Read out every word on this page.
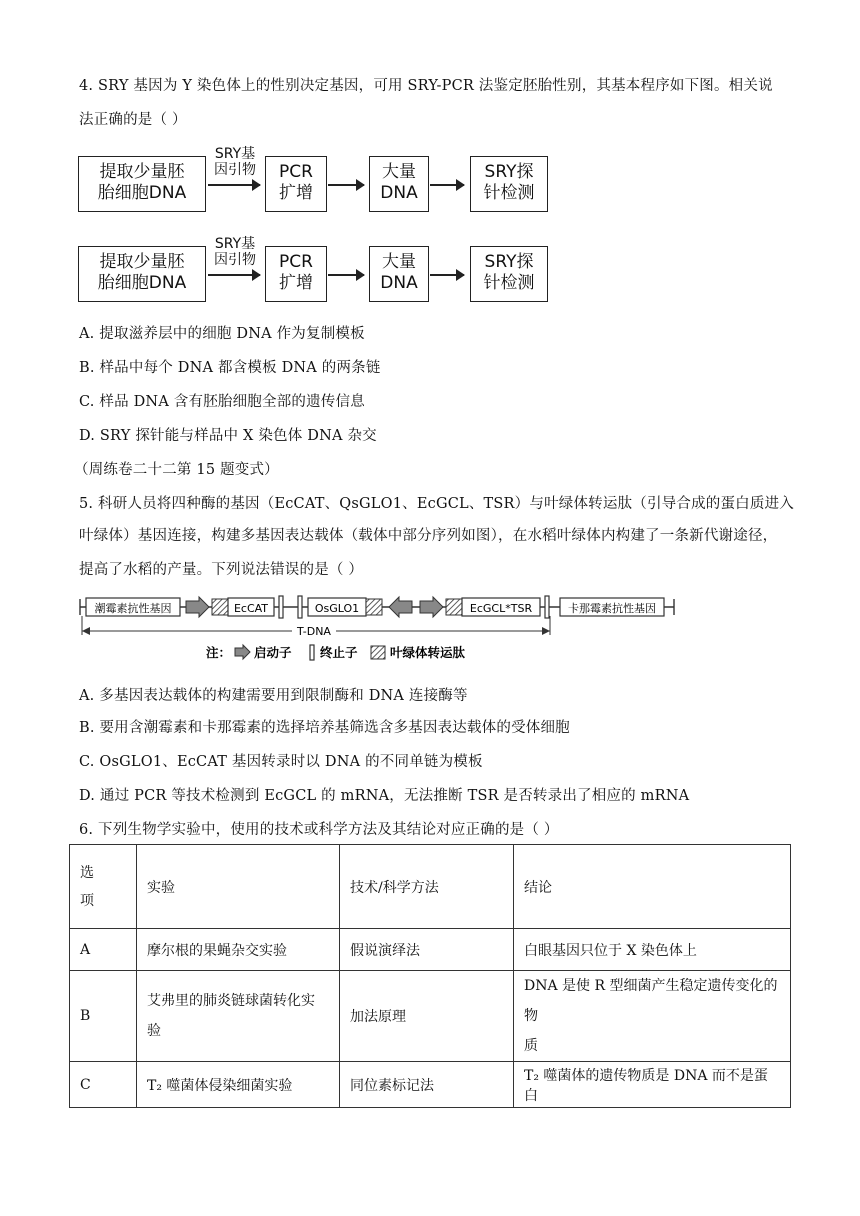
4. SRY 基因为 Y 染色体上的性别决定基因，可用 SRY-PCR 法鉴定胚胎性别，其基本程序如下图。相关说
法正确的是（ ）
提取少量胚
胎细胞DNA
SRY基
因引物	PCR
扩增
大量
DNA
SRY探
针检测
提取少量胚
胎细胞DNA
SRY基
因引物	PCR
扩增
大量
DNA
SRY探
针检测
A. 提取滋养层中的细胞 DNA 作为复制模板
B. 样品中每个 DNA 都含模板 DNA 的两条链
C. 样品 DNA 含有胚胎细胞全部的遗传信息
D. SRY 探针能与样品中 X 染色体 DNA 杂交
（周练卷二十二第 15 题变式）
5. 科研人员将四种酶的基因（EcCAT、QsGLO1、EcGCL、TSR）与叶绿体转运肽（引导合成的蛋白质进入
叶绿体）基因连接，构建多基因表达载体（载体中部分序列如图），在水稻叶绿体内构建了一条新代谢途径，
提高了水稻的产量。下列说法错误的是（ ）
潮霉素抗性基因	EcCAT	OsGLO1	EcGCL*TSR	卡那霉素抗性基因
T-DNA
注： 启动子 终止子	叶绿体转运肽
A. 多基因表达载体的构建需要用到限制酶和 DNA 连接酶等
B. 要用含潮霉素和卡那霉素的选择培养基筛选含多基因表达载体的受体细胞
C. OsGLO1、EcCAT 基因转录时以 DNA 的不同单链为模板
D. 通过 PCR 等技术检测到 EcGCL 的 mRNA，无法推断 TSR 是否转录出了相应的 mRNA
6. 下列生物学实验中，使用的技术或科学方法及其结论对应正确的是（ ）
选
项	实验	技术/科学方法	结论
A	摩尔根的果蝇杂交实验	假说演绎法	白眼基因只位于 X 染色体上
B	艾弗里的肺炎链球菌转化实
验	加法原理	DNA 是使 R 型细菌产生稳定遗传变化的物
质

C	T₂ 噬菌体侵染细菌实验	同位素标记法	T₂ 噬菌体的遗传物质是 DNA 而不是蛋白
